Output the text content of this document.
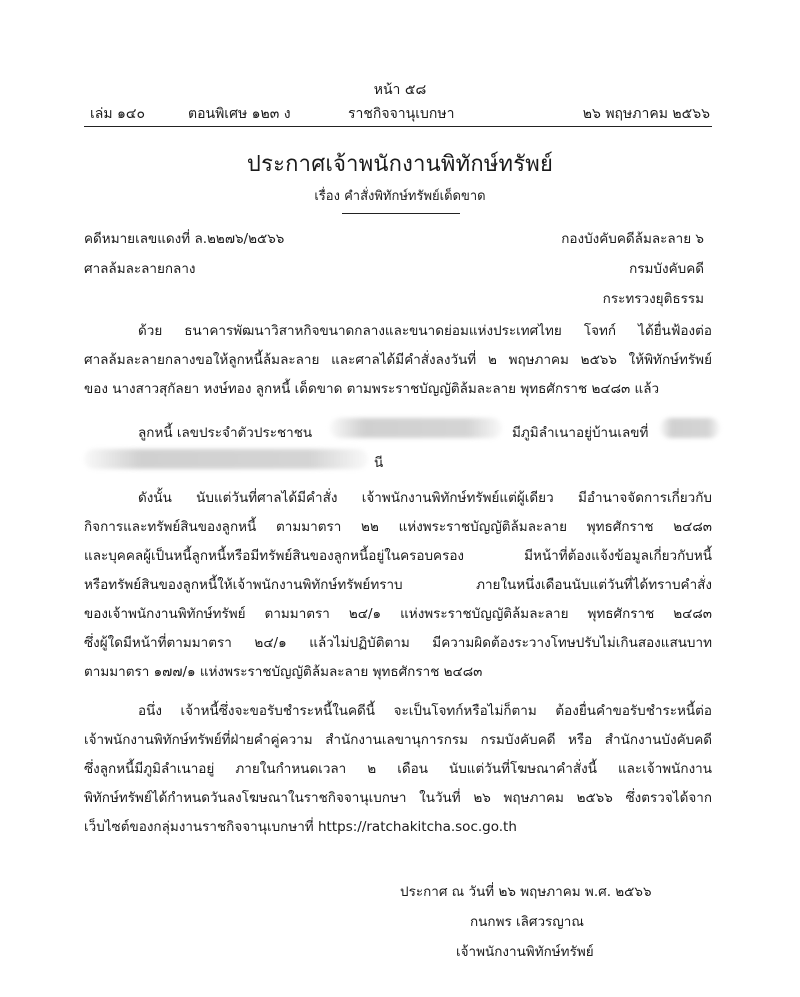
หน้า ๕๘
เล่ม ๑๔๐	ตอนพิเศษ ๑๒๓ ง	ราชกิจจานุเบกษา	๒๖ พฤษภาคม ๒๕๖๖
ประกาศเจ้าพนักงานพิทักษ์ทรัพย์
เรื่อง คำสั่งพิทักษ์ทรัพย์เด็ดขาด
คดีหมายเลขแดงที่ ล.๒๒๗๖/๒๕๖๖
ศาลล้มละลายกลาง
กองบังคับคดีล้มละลาย ๖
กรมบังคับคดี
กระทรวงยุติธรรม
ด้วย ธนาคารพัฒนาวิสาหกิจขนาดกลางและขนาดย่อมแห่งประเทศไทย โจทก์ ได้ยื่นฟ้องต่อ
ศาลล้มละลายกลางขอให้ลูกหนี้ล้มละลาย และศาลได้มีคำสั่งลงวันที่ ๒ พฤษภาคม ๒๕๖๖ ให้พิทักษ์ทรัพย์
ของ นางสาวสุกัลยา หงษ์ทอง ลูกหนี้ เด็ดขาด ตามพระราชบัญญัติล้มละลาย พุทธศักราช ๒๔๘๓ แล้ว
ลูกหนี้ เลขประจำตัวประชาชน	มีภูมิลำเนาอยู่บ้านเลขที่
นี
ดังนั้น นับแต่วันที่ศาลได้มีคำสั่ง เจ้าพนักงานพิทักษ์ทรัพย์แต่ผู้เดียว มีอำนาจจัดการเกี่ยวกับ
กิจการและทรัพย์สินของลูกหนี้ ตามมาตรา ๒๒ แห่งพระราชบัญญัติล้มละลาย พุทธศักราช ๒๔๘๓
และบุคคลผู้เป็นหนี้ลูกหนี้หรือมีทรัพย์สินของลูกหนี้อยู่ในครอบครอง มีหน้าที่ต้องแจ้งข้อมูลเกี่ยวกับหนี้
หรือทรัพย์สินของลูกหนี้ให้เจ้าพนักงานพิทักษ์ทรัพย์ทราบ ภายในหนึ่งเดือนนับแต่วันที่ได้ทราบคำสั่ง
ของเจ้าพนักงานพิทักษ์ทรัพย์ ตามมาตรา ๒๔/๑ แห่งพระราชบัญญัติล้มละลาย พุทธศักราช ๒๔๘๓
ซึ่งผู้ใดมีหน้าที่ตามมาตรา ๒๔/๑ แล้วไม่ปฏิบัติตาม มีความผิดต้องระวางโทษปรับไม่เกินสองแสนบาท
ตามมาตรา ๑๗๗/๑ แห่งพระราชบัญญัติล้มละลาย พุทธศักราช ๒๔๘๓
อนึ่ง เจ้าหนี้ซึ่งจะขอรับชำระหนี้ในคดีนี้ จะเป็นโจทก์หรือไม่ก็ตาม ต้องยื่นคำขอรับชำระหนี้ต่อ
เจ้าพนักงานพิทักษ์ทรัพย์ที่ฝ่ายคำคู่ความ สำนักงานเลขานุการกรม กรมบังคับคดี หรือ สำนักงานบังคับคดี
ซึ่งลูกหนี้มีภูมิลำเนาอยู่ ภายในกำหนดเวลา ๒ เดือน นับแต่วันที่โฆษณาคำสั่งนี้ และเจ้าพนักงาน
พิทักษ์ทรัพย์ได้กำหนดวันลงโฆษณาในราชกิจจานุเบกษา ในวันที่ ๒๖ พฤษภาคม ๒๕๖๖ ซึ่งตรวจได้จาก
เว็บไซต์ของกลุ่มงานราชกิจจานุเบกษาที่ https://ratchakitcha.soc.go.th
ประกาศ ณ วันที่ ๒๖ พฤษภาคม พ.ศ. ๒๕๖๖
กนกพร เลิศวรญาณ
เจ้าพนักงานพิทักษ์ทรัพย์
